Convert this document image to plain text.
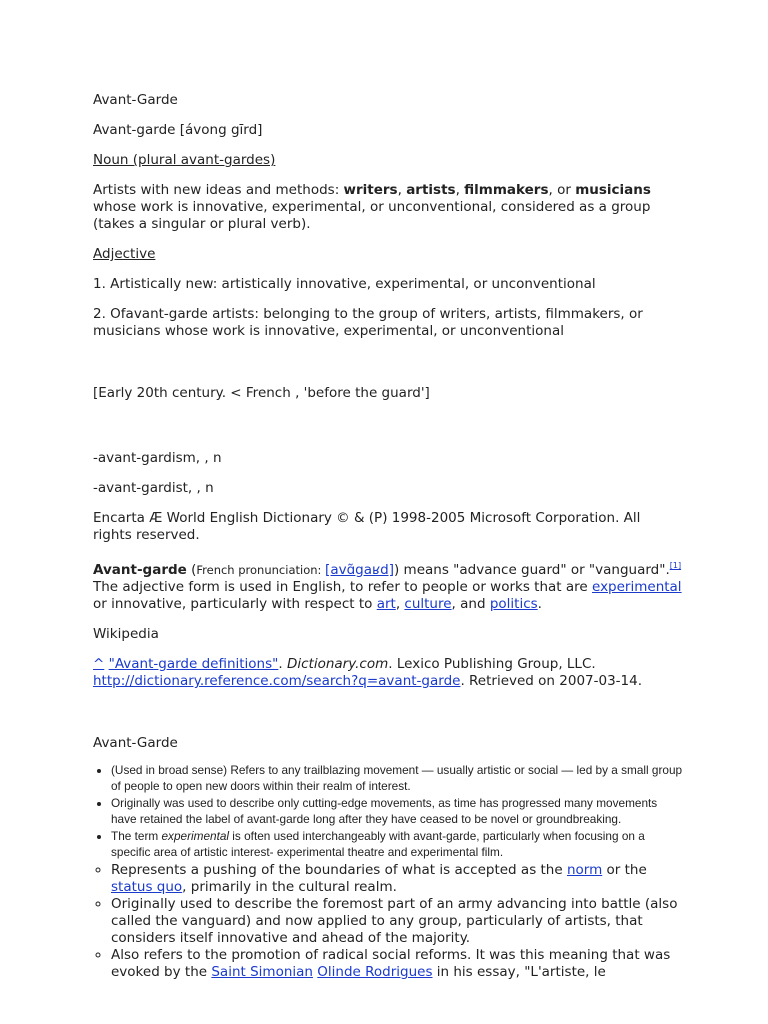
Avant-Garde

Avant-garde [ávong gīrd]

Noun (plural avant-gardes)

Artists with new ideas and methods: writers, artists, filmmakers, or musicians whose work is innovative, experimental, or unconventional, considered as a group (takes a singular or plural verb).

Adjective

1. Artistically new: artistically innovative, experimental, or unconventional

2. Ofavant-garde artists: belonging to the group of writers, artists, filmmakers, or musicians whose work is innovative, experimental, or unconventional

[Early 20th century. < French , 'before the guard']

-avant-gardism, , n

-avant-gardist, , n

Encarta Æ World English Dictionary © & (P) 1998-2005 Microsoft Corporation. All rights reserved.

Avant-garde (French pronunciation: [avɑ̃gaʁd]) means "advance guard" or "vanguard".[1] The adjective form is used in English, to refer to people or works that are experimental or innovative, particularly with respect to art, culture, and politics.

Wikipedia

^ "Avant-garde definitions". Dictionary.com. Lexico Publishing Group, LLC. http://dictionary.reference.com/search?q=avant-garde. Retrieved on 2007-03-14.

Avant-Garde

• (Used in broad sense) Refers to any trailblazing movement — usually artistic or social — led by a small group of people to open new doors within their realm of interest.
• Originally was used to describe only cutting-edge movements, as time has progressed many movements have retained the label of avant-garde long after they have ceased to be novel or groundbreaking.
• The term experimental is often used interchangeably with avant-garde, particularly when focusing on a specific area of artistic interest- experimental theatre and experimental film.
◦ Represents a pushing of the boundaries of what is accepted as the norm or the status quo, primarily in the cultural realm.
◦ Originally used to describe the foremost part of an army advancing into battle (also called the vanguard) and now applied to any group, particularly of artists, that considers itself innovative and ahead of the majority.
◦ Also refers to the promotion of radical social reforms. It was this meaning that was evoked by the Saint Simonian Olinde Rodrigues in his essay, "L'artiste, le
